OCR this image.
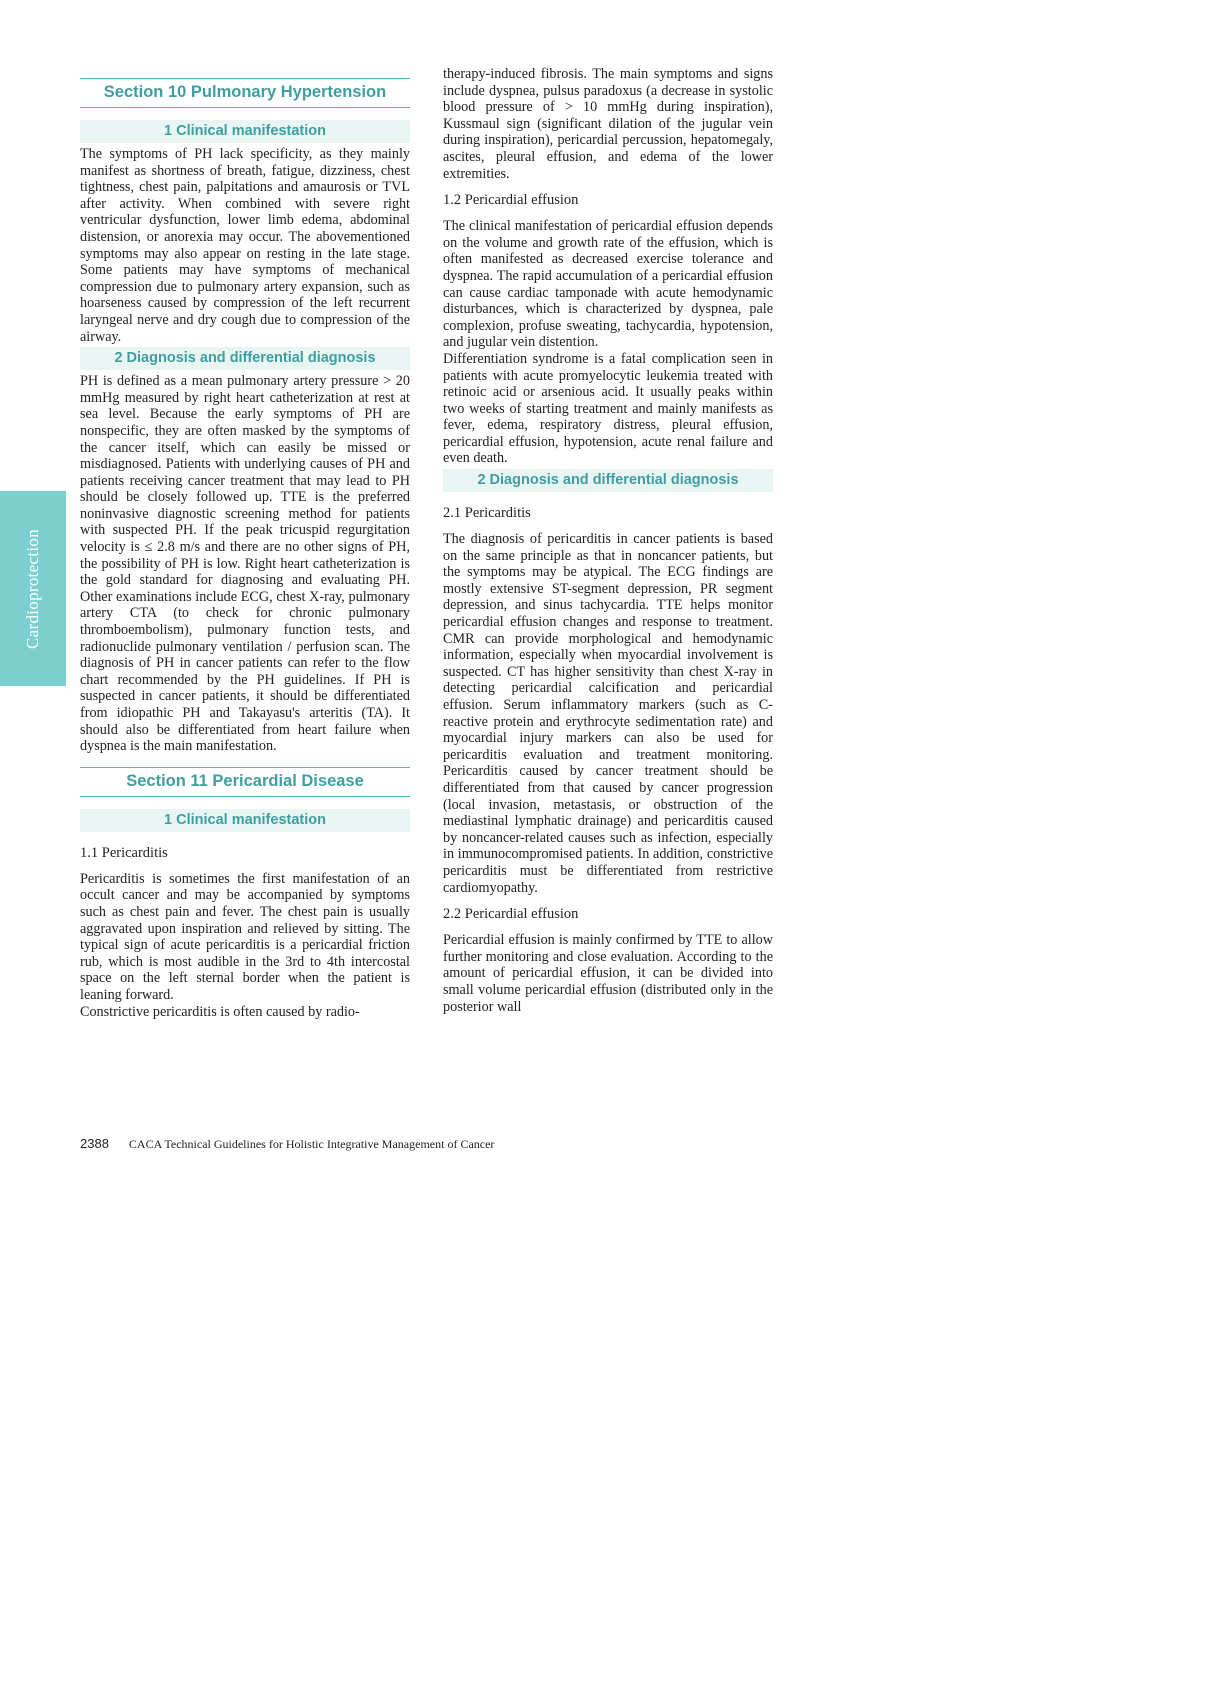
Cardioprotection
Section 10 Pulmonary Hypertension
1 Clinical manifestation

The symptoms of PH lack specificity, as they mainly manifest as shortness of breath, fatigue, dizziness, chest tightness, chest pain, palpitations and amaurosis or TVL after activity. When combined with severe right ventricular dysfunction, lower limb edema, abdominal distension, or anorexia may occur. The abovementioned symptoms may also appear on resting in the late stage. Some patients may have symptoms of mechanical compression due to pulmonary artery expansion, such as hoarseness caused by compression of the left recurrent laryngeal nerve and dry cough due to compression of the airway.

2 Diagnosis and differential diagnosis

PH is defined as a mean pulmonary artery pressure > 20 mmHg measured by right heart catheterization at rest at sea level. Because the early symptoms of PH are nonspecific, they are often masked by the symptoms of the cancer itself, which can easily be missed or misdiagnosed. Patients with underlying causes of PH and patients receiving cancer treatment that may lead to PH should be closely followed up. TTE is the preferred noninvasive diagnostic screening method for patients with suspected PH. If the peak tricuspid regurgitation velocity is ≤ 2.8 m/s and there are no other signs of PH, the possibility of PH is low. Right heart catheterization is the gold standard for diagnosing and evaluating PH. Other examinations include ECG, chest X-ray, pulmonary artery CTA (to check for chronic pulmonary thromboembolism), pulmonary function tests, and radionuclide pulmonary ventilation / perfusion scan. The diagnosis of PH in cancer patients can refer to the flow chart recommended by the PH guidelines. If PH is suspected in cancer patients, it should be differentiated from idiopathic PH and Takayasu's arteritis (TA). It should also be differentiated from heart failure when dyspnea is the main manifestation.

Section 11 Pericardial Disease
1 Clinical manifestation
1.1 Pericarditis

Pericarditis is sometimes the first manifestation of an occult cancer and may be accompanied by symptoms such as chest pain and fever. The chest pain is usually aggravated upon inspiration and relieved by sitting. The typical sign of acute pericarditis is a pericardial friction rub, which is most audible in the 3rd to 4th intercostal space on the left sternal border when the patient is leaning forward.

Constrictive pericarditis is often caused by radio-

therapy-induced fibrosis. The main symptoms and signs include dyspnea, pulsus paradoxus (a decrease in systolic blood pressure of > 10 mmHg during inspiration), Kussmaul sign (significant dilation of the jugular vein during inspiration), pericardial percussion, hepatomegaly, ascites, pleural effusion, and edema of the lower extremities.

1.2 Pericardial effusion

The clinical manifestation of pericardial effusion depends on the volume and growth rate of the effusion, which is often manifested as decreased exercise tolerance and dyspnea. The rapid accumulation of a pericardial effusion can cause cardiac tamponade with acute hemodynamic disturbances, which is characterized by dyspnea, pale complexion, profuse sweating, tachycardia, hypotension, and jugular vein distention.

Differentiation syndrome is a fatal complication seen in patients with acute promyelocytic leukemia treated with retinoic acid or arsenious acid. It usually peaks within two weeks of starting treatment and mainly manifests as fever, edema, respiratory distress, pleural effusion, pericardial effusion, hypotension, acute renal failure and even death.

2 Diagnosis and differential diagnosis
2.1 Pericarditis

The diagnosis of pericarditis in cancer patients is based on the same principle as that in noncancer patients, but the symptoms may be atypical. The ECG findings are mostly extensive ST-segment depression, PR segment depression, and sinus tachycardia. TTE helps monitor pericardial effusion changes and response to treatment. CMR can provide morphological and hemodynamic information, especially when myocardial involvement is suspected. CT has higher sensitivity than chest X-ray in detecting pericardial calcification and pericardial effusion. Serum inflammatory markers (such as C-reactive protein and erythrocyte sedimentation rate) and myocardial injury markers can also be used for pericarditis evaluation and treatment monitoring. Pericarditis caused by cancer treatment should be differentiated from that caused by cancer progression (local invasion, metastasis, or obstruction of the mediastinal lymphatic drainage) and pericarditis caused by noncancer-related causes such as infection, especially in immunocompromised patients. In addition, constrictive pericarditis must be differentiated from restrictive cardiomyopathy.

2.2 Pericardial effusion

Pericardial effusion is mainly confirmed by TTE to allow further monitoring and close evaluation. According to the amount of pericardial effusion, it can be divided into small volume pericardial effusion (distributed only in the posterior wall

2388 CACA Technical Guidelines for Holistic Integrative Management of Cancer
